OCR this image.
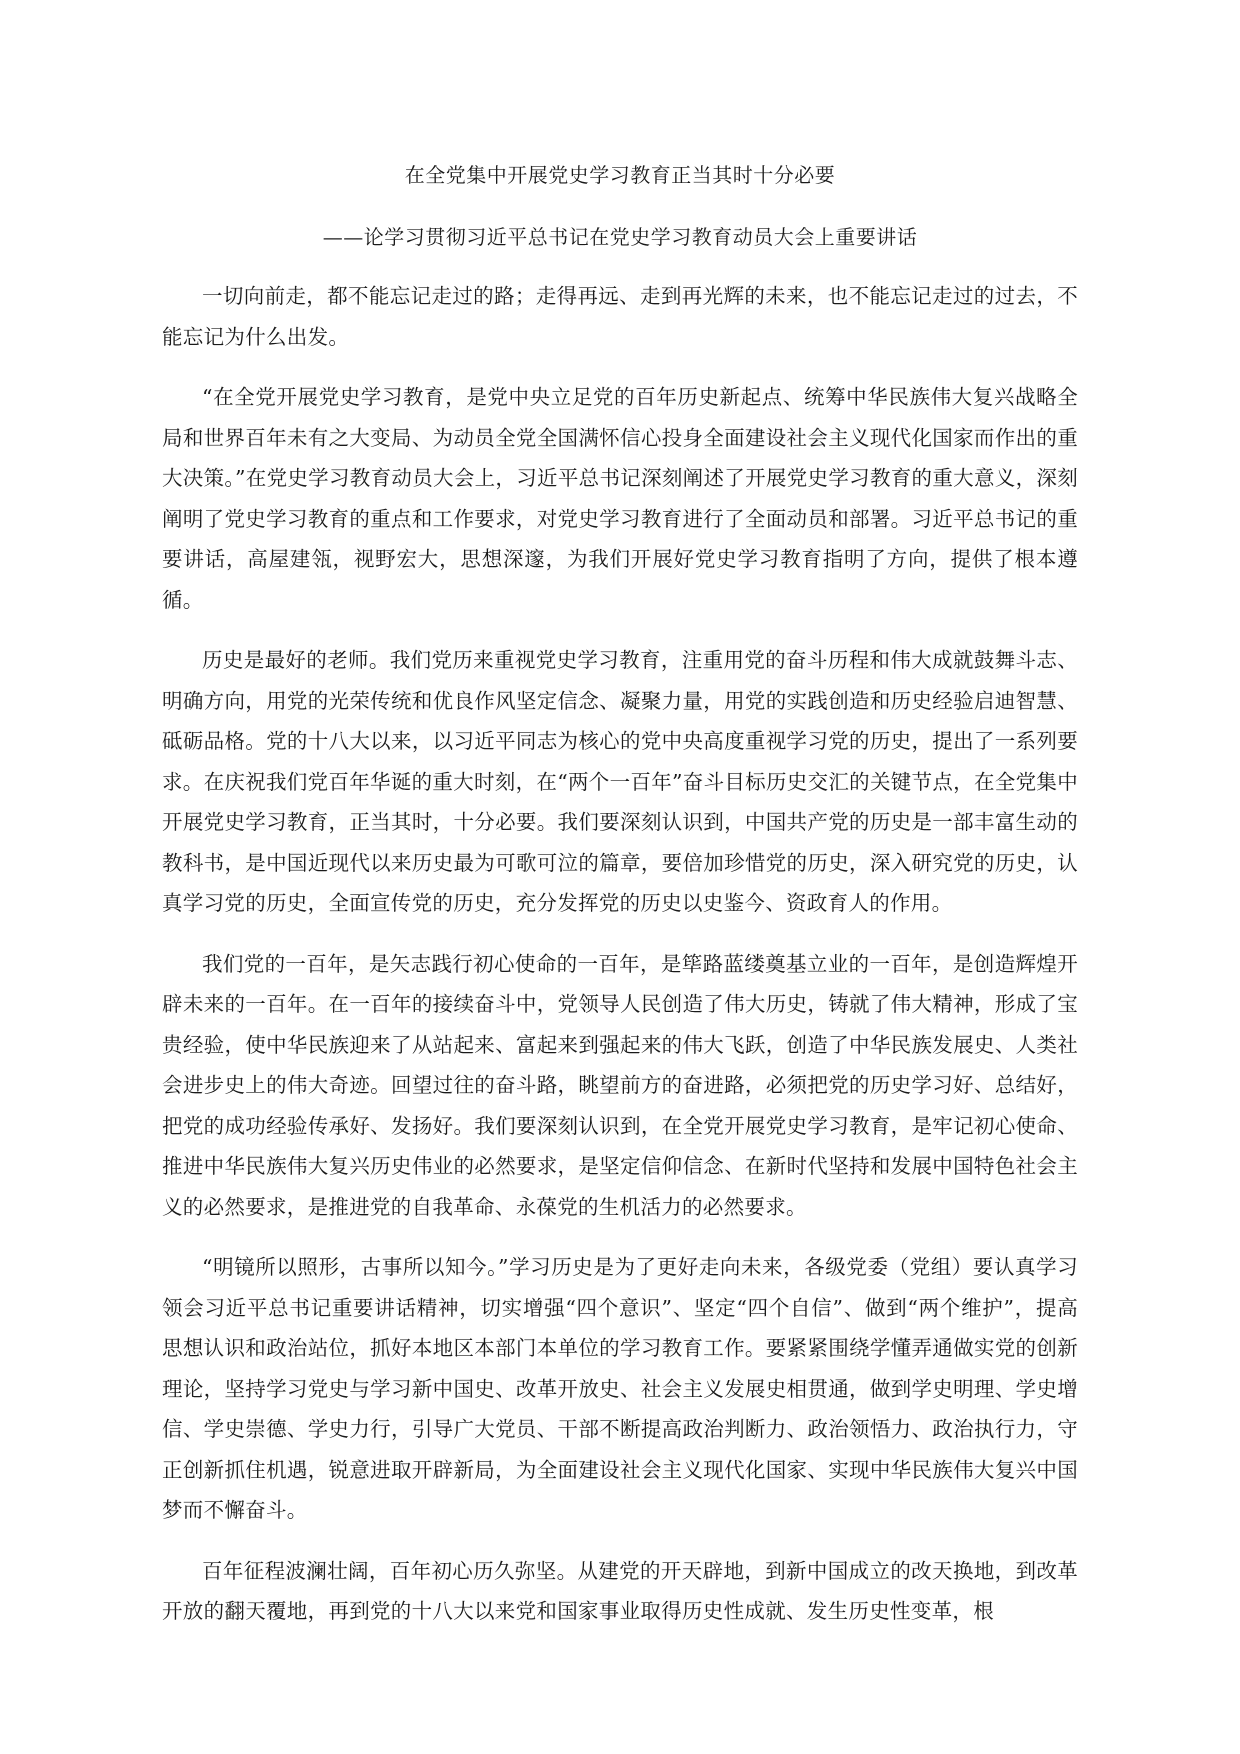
在全党集中开展党史学习教育正当其时十分必要
——论学习贯彻习近平总书记在党史学习教育动员大会上重要讲话

一切向前走，都不能忘记走过的路；走得再远、走到再光辉的未来，也不能忘记走过的过去，不能忘记为什么出发。

“在全党开展党史学习教育，是党中央立足党的百年历史新起点、统筹中华民族伟大复兴战略全局和世界百年未有之大变局、为动员全党全国满怀信心投身全面建设社会主义现代化国家而作出的重大决策。”在党史学习教育动员大会上，习近平总书记深刻阐述了开展党史学习教育的重大意义，深刻阐明了党史学习教育的重点和工作要求，对党史学习教育进行了全面动员和部署。习近平总书记的重要讲话，高屋建瓴，视野宏大，思想深邃，为我们开展好党史学习教育指明了方向，提供了根本遵循。

历史是最好的老师。我们党历来重视党史学习教育，注重用党的奋斗历程和伟大成就鼓舞斗志、明确方向，用党的光荣传统和优良作风坚定信念、凝聚力量，用党的实践创造和历史经验启迪智慧、砥砺品格。党的十八大以来，以习近平同志为核心的党中央高度重视学习党的历史，提出了一系列要求。在庆祝我们党百年华诞的重大时刻，在“两个一百年”奋斗目标历史交汇的关键节点，在全党集中开展党史学习教育，正当其时，十分必要。我们要深刻认识到，中国共产党的历史是一部丰富生动的教科书，是中国近现代以来历史最为可歌可泣的篇章，要倍加珍惜党的历史，深入研究党的历史，认真学习党的历史，全面宣传党的历史，充分发挥党的历史以史鉴今、资政育人的作用。

我们党的一百年，是矢志践行初心使命的一百年，是筚路蓝缕奠基立业的一百年，是创造辉煌开辟未来的一百年。在一百年的接续奋斗中，党领导人民创造了伟大历史，铸就了伟大精神，形成了宝贵经验，使中华民族迎来了从站起来、富起来到强起来的伟大飞跃，创造了中华民族发展史、人类社会进步史上的伟大奇迹。回望过往的奋斗路，眺望前方的奋进路，必须把党的历史学习好、总结好，把党的成功经验传承好、发扬好。我们要深刻认识到，在全党开展党史学习教育，是牢记初心使命、推进中华民族伟大复兴历史伟业的必然要求，是坚定信仰信念、在新时代坚持和发展中国特色社会主义的必然要求，是推进党的自我革命、永葆党的生机活力的必然要求。

“明镜所以照形，古事所以知今。”学习历史是为了更好走向未来，各级党委（党组）要认真学习领会习近平总书记重要讲话精神，切实增强“四个意识”、坚定“四个自信”、做到“两个维护”，提高思想认识和政治站位，抓好本地区本部门本单位的学习教育工作。要紧紧围绕学懂弄通做实党的创新理论，坚持学习党史与学习新中国史、改革开放史、社会主义发展史相贯通，做到学史明理、学史增信、学史崇德、学史力行，引导广大党员、干部不断提高政治判断力、政治领悟力、政治执行力，守正创新抓住机遇，锐意进取开辟新局，为全面建设社会主义现代化国家、实现中华民族伟大复兴中国梦而不懈奋斗。

百年征程波澜壮阔，百年初心历久弥坚。从建党的开天辟地，到新中国成立的改天换地，到改革开放的翻天覆地，再到党的十八大以来党和国家事业取得历史性成就、发生历史性变革，根
